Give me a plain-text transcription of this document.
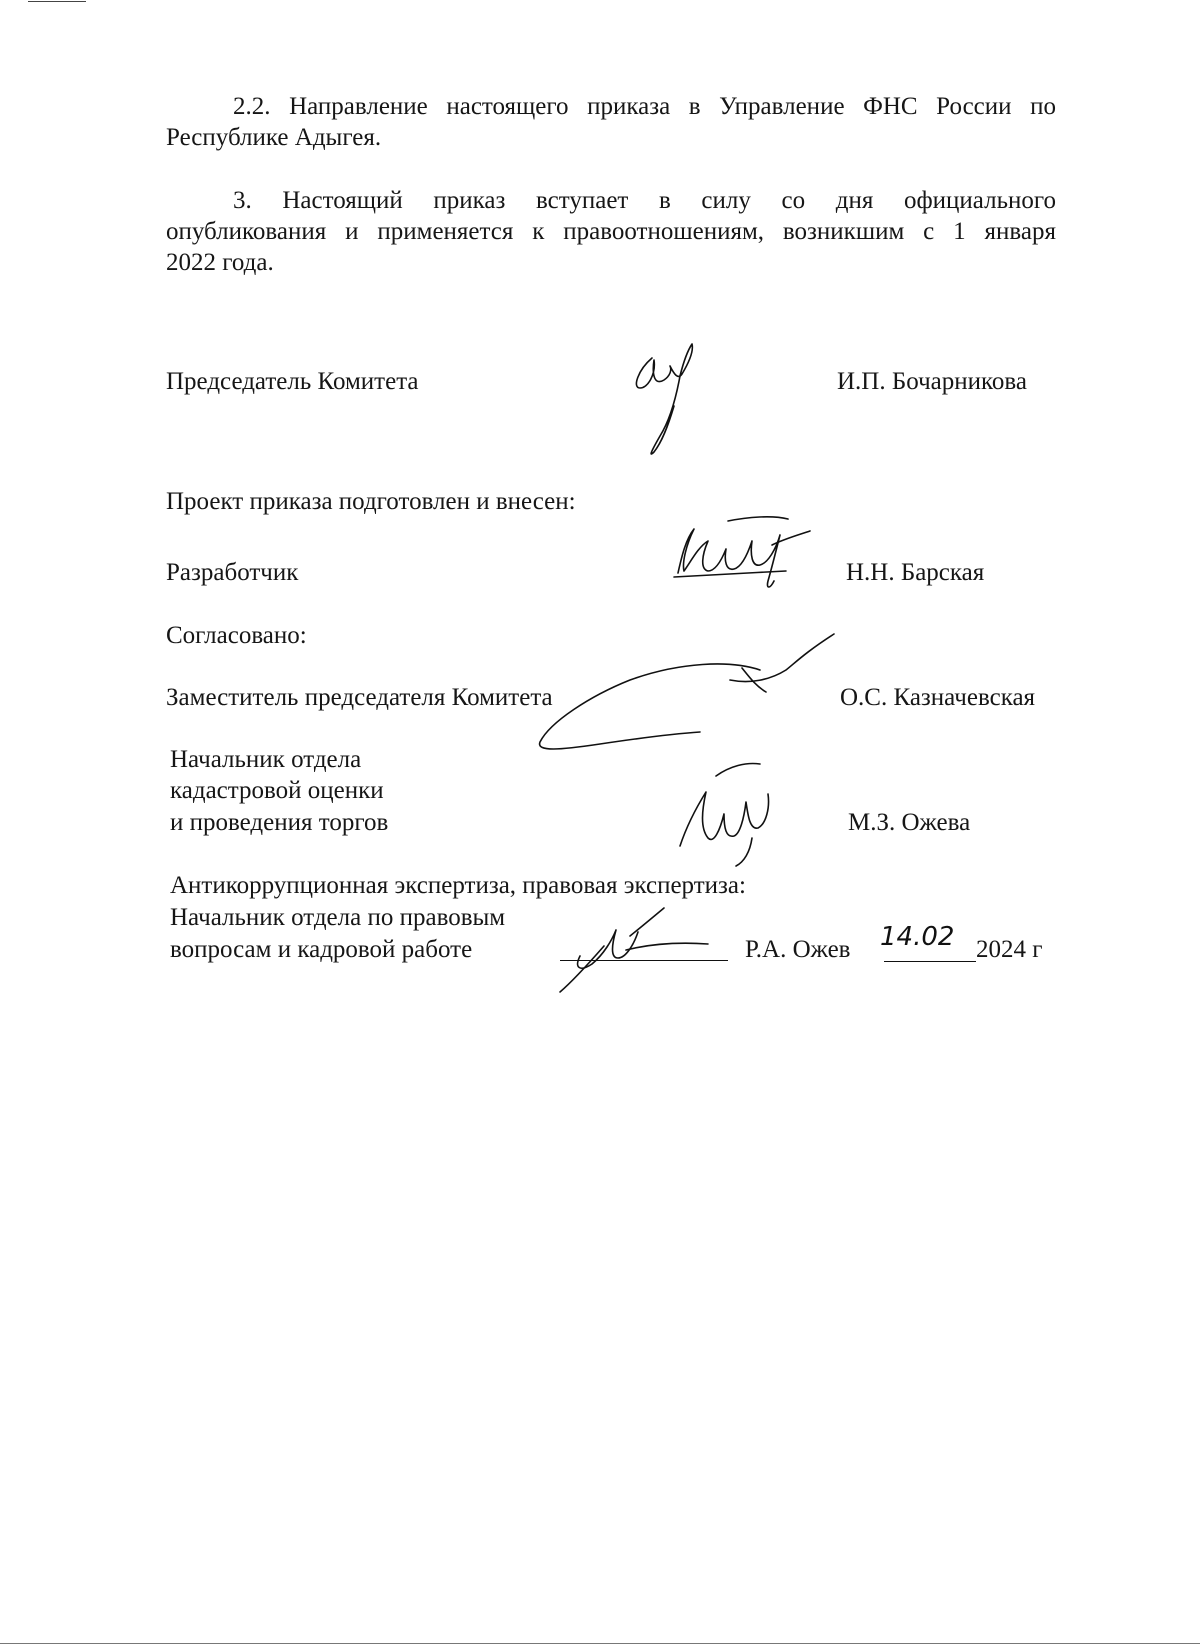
2.2. Направление настоящего приказа в Управление ФНС России по
Республике Адыгея.
3. Настоящий приказ вступает в силу со дня официального
опубликования и применяется к правоотношениям, возникшим с 1 января
2022 года.
Председатель Комитета	И.П. Бочарникова
Проект приказа подготовлен и внесен:
Разработчик	Н.Н. Барская
Согласовано:
Заместитель председателя Комитета	О.С. Казначевская
Начальник отдела
кадастровой оценки
и проведения торгов	М.З. Ожева
Антикоррупционная экспертиза, правовая экспертиза:
Начальник отдела по правовым
вопросам и кадровой работе	Р.А. Ожев 14.02 2024 г
